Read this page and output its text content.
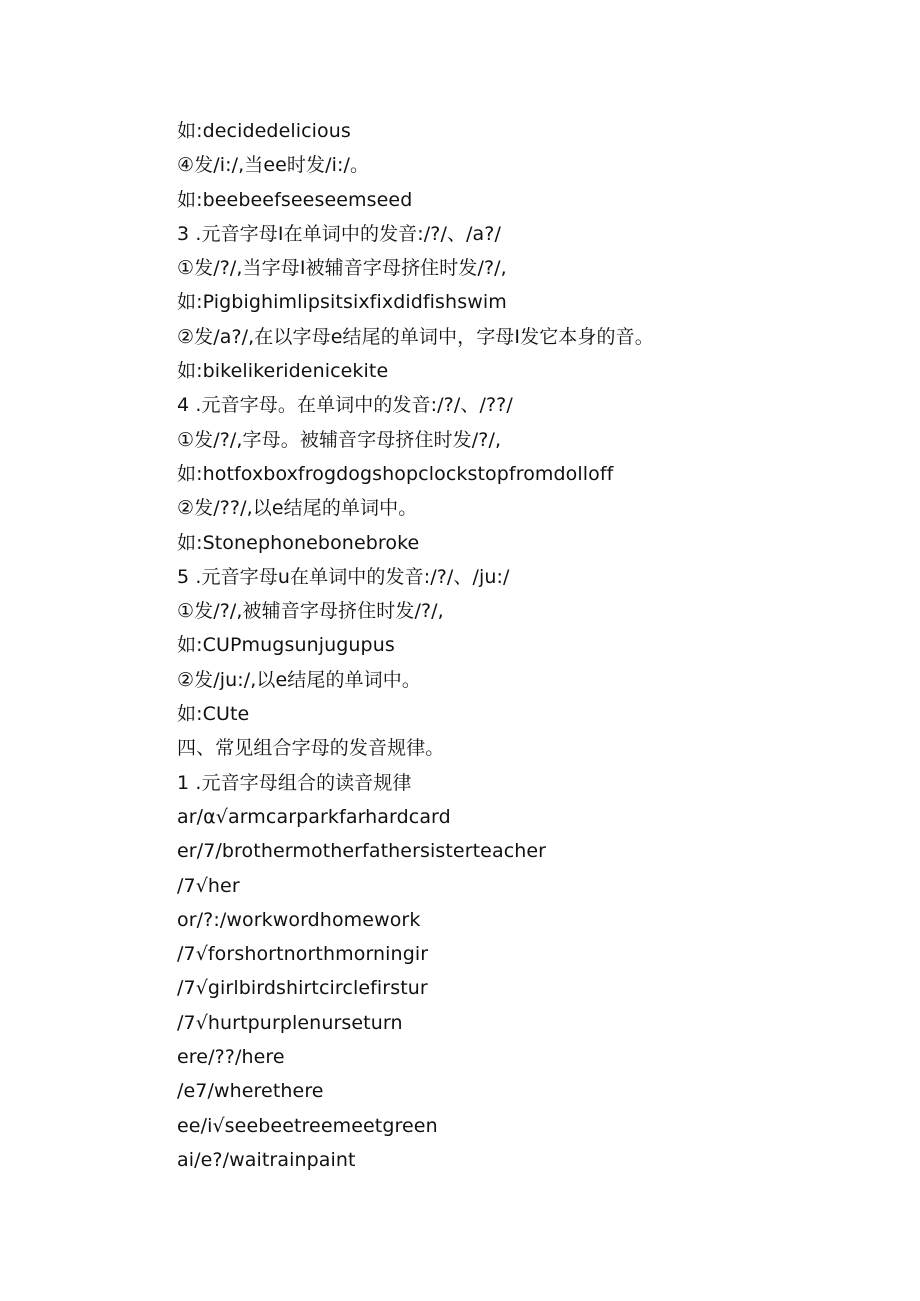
如:decidedelicious
④发/i:/,当ee时发/i:/。
如:beebeefseeseemseed
3 .元音字母I在单词中的发音:/?/、/a?/
①发/?/,当字母I被辅音字母挤住时发/?/,
如:Pigbighimlipsitsixfixdidfishswim
②发/a?/,在以字母e结尾的单词中，字母I发它本身的音。
如:bikelikeridenicekite
4 .元音字母。在单词中的发音:/?/、/??/
①发/?/,字母。被辅音字母挤住时发/?/,
如:hotfoxboxfrogdogshopclockstopfromdolloff
②发/??/,以e结尾的单词中。
如:Stonephonebonebroke
5 .元音字母u在单词中的发音:/?/、/ju:/
①发/?/,被辅音字母挤住时发/?/,
如:CUPmugsunjugupus
②发/ju:/,以e结尾的单词中。
如:CUte
四、常见组合字母的发音规律。
1 .元音字母组合的读音规律
ar∕α√armcarparkfarhardcard
er∕7∕brothermotherfathersisterteacher
∕7√her
or/?:/workwordhomework
∕7√forshortnorthmorningir
∕7√girlbirdshirtcirclefirstur
∕7√hurtpurplenurseturn
ere/??/here
∕e7∕wherethere
ee∕i√seebeetreemeetgreen
ai/e?/waitrainpaint
